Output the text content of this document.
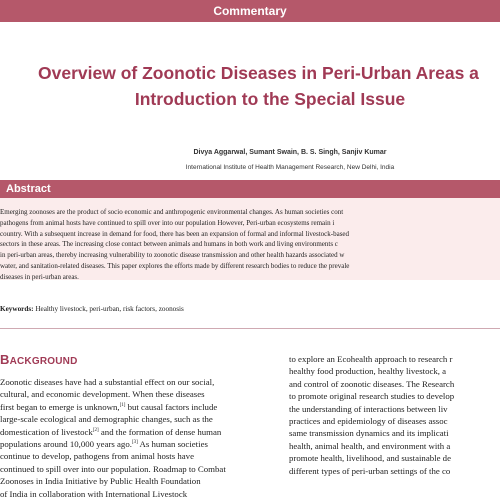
Commentary
Overview of Zoonotic Diseases in Peri-Urban Areas a
Introduction to the Special Issue
Divya Aggarwal, Sumant Swain, B. S. Singh, Sanjiv Kumar
International Institute of Health Management Research, New Delhi, India
Abstract
Emerging zoonoses are the product of socio economic and anthropogenic environmental changes. As human societies cont
pathogens from animal hosts have continued to spill over into our population However, Peri-urban ecosystems remain i
country. With a subsequent increase in demand for food, there has been an expansion of formal and informal livestock-based
sectors in these areas. The increasing close contact between animals and humans in both work and living environments c
in peri-urban areas, thereby increasing vulnerability to zoonotic disease transmission and other health hazards associated w
water, and sanitation-related diseases. This paper explores the efforts made by different research bodies to reduce the prevale
diseases in peri-urban areas.
Keywords: Healthy livestock, peri-urban, risk factors, zoonosis
BACKGROUND
Zoonotic diseases have had a substantial effect on our social,
cultural, and economic development. When these diseases
first began to emerge is unknown,[1] but causal factors include
large-scale ecological and demographic changes, such as the
domestication of livestock[2] and the formation of dense human
populations around 10,000 years ago.[3] As human societies
continue to develop, pathogens from animal hosts have
continued to spill over into our population. Roadmap to Combat
Zoonoses in India Initiative by Public Health Foundation
of India in collaboration with International Livestock
to explore an Ecohealth approach to research r
healthy food production, healthy livestock, a
and control of zoonotic diseases. The Research
to promote original research studies to develop
the understanding of interactions between liv
practices and epidemiology of diseases assoc
same transmission dynamics and its implicati
health, animal health, and environment with a
promote health, livelihood, and sustainable de
different types of peri-urban settings of the co
